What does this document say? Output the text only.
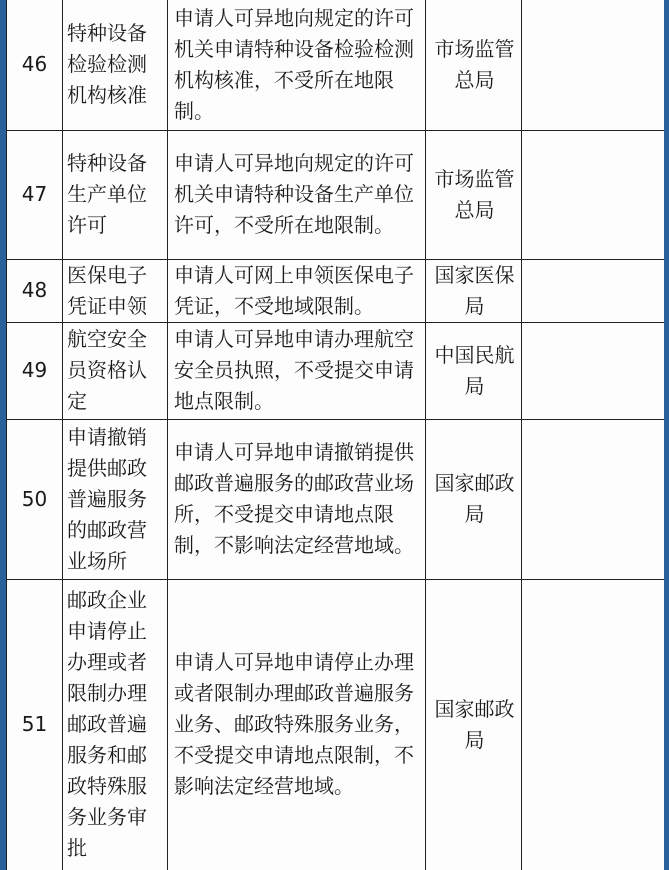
46	特种设备检验检测机构核准	申请人可异地向规定的许可机关申请特种设备检验检测机构核准，不受所在地限制。	市场监管总局	
47	特种设备生产单位许可	申请人可异地向规定的许可机关申请特种设备生产单位许可，不受所在地限制。	市场监管总局	
48	医保电子凭证申领	申请人可网上申领医保电子凭证，不受地域限制。	国家医保局	
49	航空安全员资格认定	申请人可异地申请办理航空安全员执照，不受提交申请地点限制。	中国民航局	
50	申请撤销提供邮政普遍服务的邮政营业场所	申请人可异地申请撤销提供邮政普遍服务的邮政营业场所，不受提交申请地点限制，不影响法定经营地域。	国家邮政局	
51	邮政企业申请停止办理或者限制办理邮政普遍服务和邮政特殊服务业务审批	申请人可异地申请停止办理或者限制办理邮政普遍服务业务、邮政特殊服务业务，不受提交申请地点限制，不影响法定经营地域。	国家邮政局	
